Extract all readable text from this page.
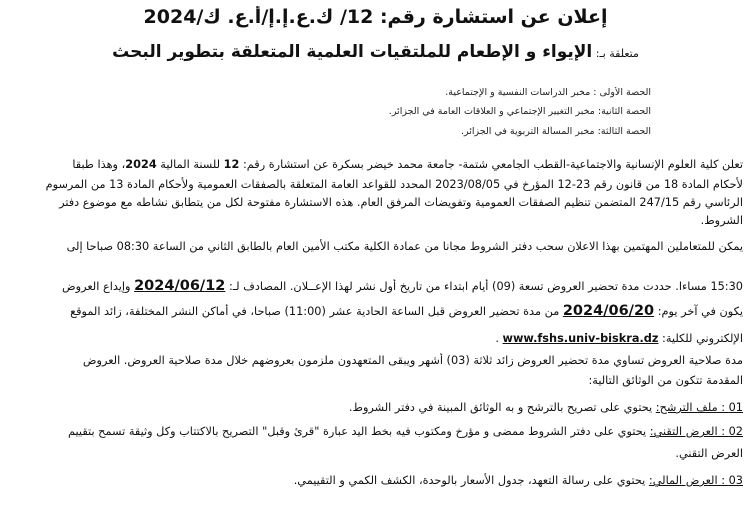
إعلان عن استشارة رقم: 12/ ك.ع.إ.إ/أ.ع. ك/2024
متعلقة بـ: الإيواء و الإطعام للملتقيات العلمية المتعلقة بتطوير البحث
الحصة الأولى : مخبر الدراسات النفسية و الإجتماعية.
الحصة الثانية: مخبر التغيير الإجتماعي و العلاقات العامة في الجزائر.
الحصة الثالثة: مخبر المسألة التربوية في الجزائر.
تعلن كلية العلوم الإنسانية والاجتماعية-القطب الجامعي شتمة- جامعة محمد خيضر بسكرة عن استشارة رقم: 12 للسنة المالية 2024، وهذا طبقا
لأحكام المادة 18 من قانون رقم 23-12 المؤرخ في 2023/08/05 المحدد للقواعد العامة المتعلقة بالصفقات العمومية ولأحكام المادة 13 من المرسوم
الرئاسي رقم 247/15 المتضمن تنظيم الصفقات العمومية وتفويضات المرفق العام. هذه الاستشارة مفتوحة لكل من يتطابق نشاطه مع موضوع دفتر
الشروط.
يمكن للمتعاملين المهتمين بهذا الاعلان سحب دفتر الشروط مجانا من عمادة الكلية مكتب الأمين العام بالطابق الثاني من الساعة 08:30 صباحا إلى
15:30 مساءا. حددت مدة تحضير العروض تسعة (09) أيام ابتداء من تاريخ أول نشر لهذا الإعــلان. المصادف لـ: 2024/06/12 وإيداع العروض
يكون في آخر يوم: 2024/06/20 من مدة تحضير العروض قبل الساعة الحادية عشر (11:00) صباحا، في أماكن النشر المختلفة، زائد الموقع
الإلكتروني للكلية: www.fshs.univ-biskra.dz .
مدة صلاحية العروض تساوي مدة تحضير العروض زائد ثلاثة (03) أشهر ويبقى المتعهدون ملزمون بعروضهم خلال مدة صلاحية العروض. العروض
المقدمة تتكون من الوثائق التالية:
01 : ملف الترشح: يحتوي على تصريح بالترشح و به الوثائق المبينة في دفتر الشروط.
02 : العرض التقني: يحتوي على دفتر الشروط ممضى و مؤرخ ومكتوب فيه بخط اليد عبارة "قرئ وقبل" التصريح بالاكتتاب وكل وثيقة تسمح بتقييم
العرض التقني.
03 : العرض المالي: يحتوي على رسالة التعهد، جدول الأسعار بالوحدة، الكشف الكمي و التقييمي.
